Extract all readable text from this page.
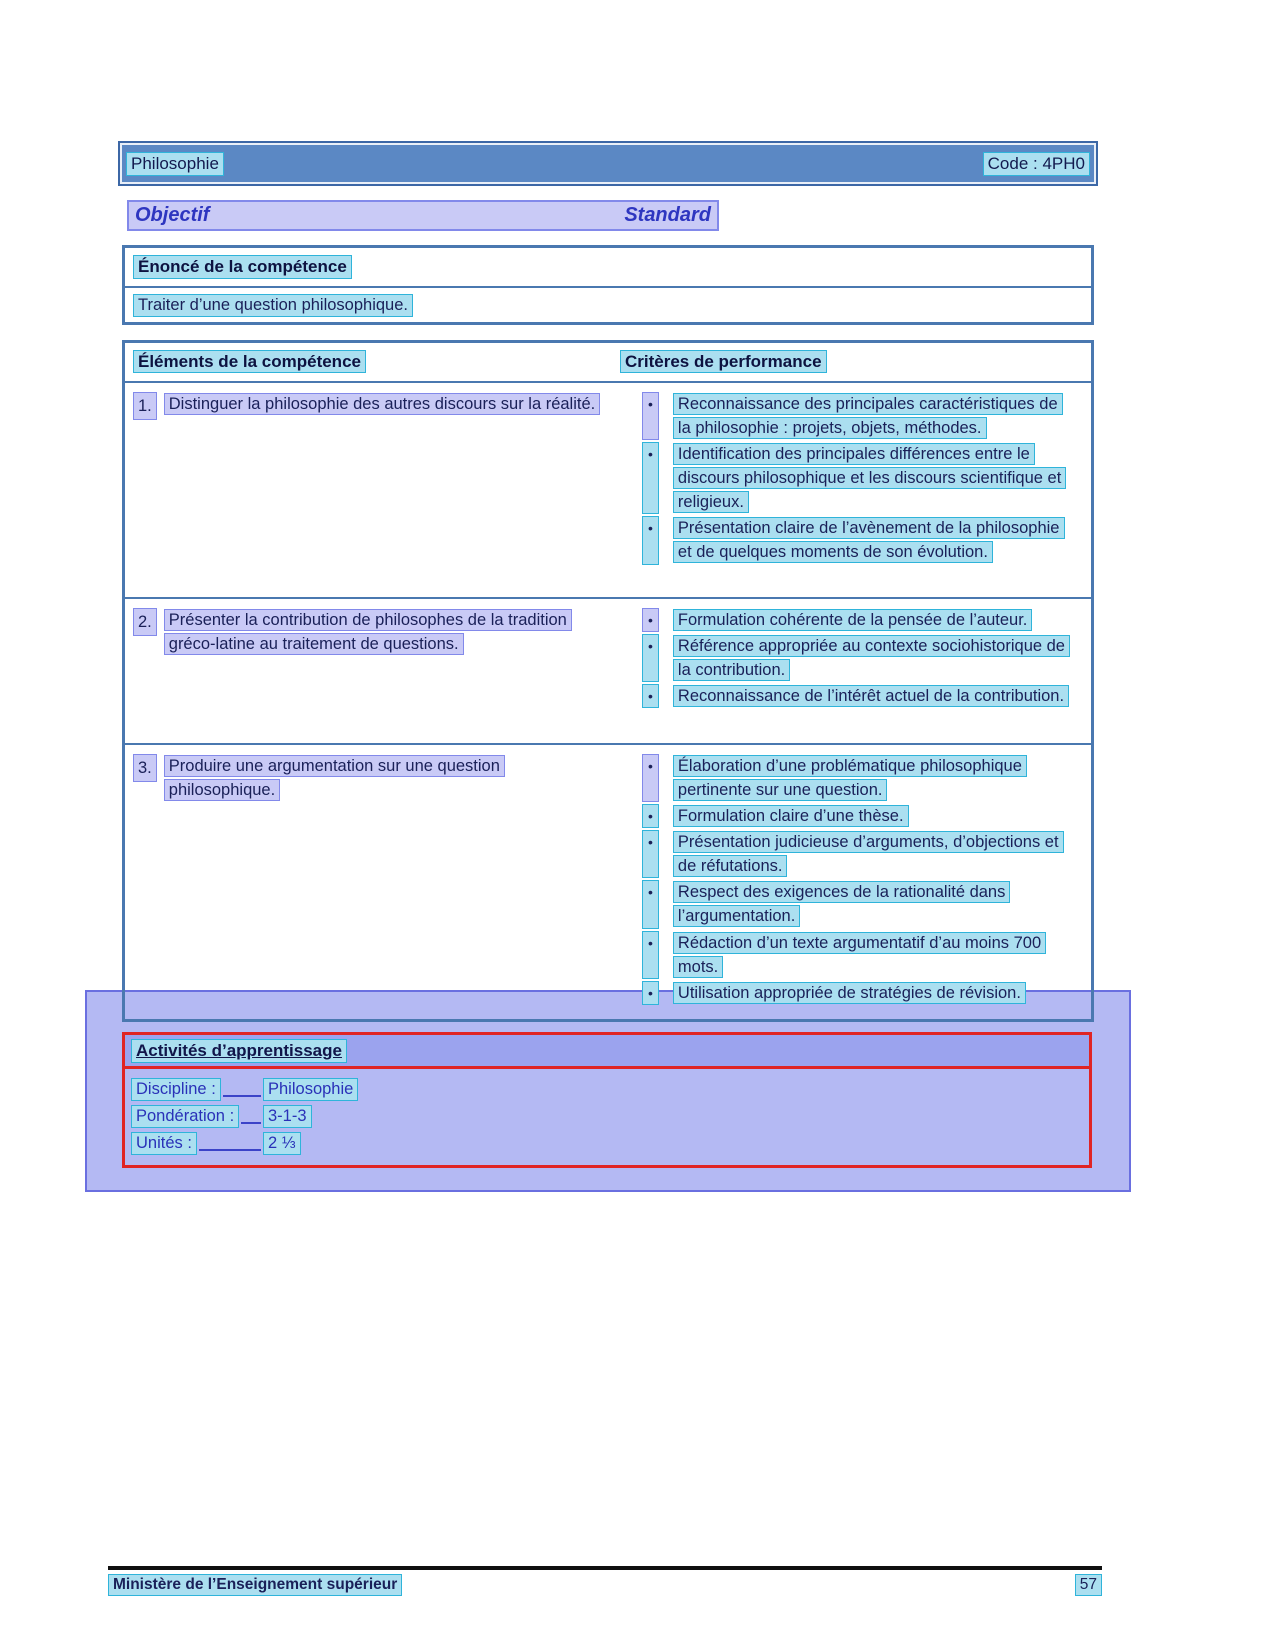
Philosophie	Code : 4PH0
Objectif	Standard
Énoncé de la compétence
Traiter d’une question philosophique.
Éléments de la compétence	Critères de performance
1.	Distinguer la philosophie des autres discours sur la réalité.	•	Reconnaissance des principales caractéristiques de la philosophie : projets, objets, méthodes.
•	Identification des principales différences entre le discours philosophique et les discours scientifique et religieux.
•	Présentation claire de l’avènement de la philosophie et de quelques moments de son évolution.
2.	Présenter la contribution de philosophes de la tradition gréco-latine au traitement de questions.
•	Formulation cohérente de la pensée de l’auteur.
•	Référence appropriée au contexte sociohistorique de la contribution.
•	Reconnaissance de l’intérêt actuel de la contribution.
3.	Produire une argumentation sur une question philosophique.
•	Élaboration d’une problématique philosophique pertinente sur une question.
•	Formulation claire d’une thèse.
•	Présentation judicieuse d’arguments, d’objections et de réfutations.
•	Respect des exigences de la rationalité dans l’argumentation.
•	Rédaction d’un texte argumentatif d’au moins 700 mots.
•	Utilisation appropriée de stratégies de révision.
Activités d’apprentissage
Discipline :	Philosophie
Pondération :	3-1-3
Unités :	2 ⅓
Ministère de l’Enseignement supérieur	57
